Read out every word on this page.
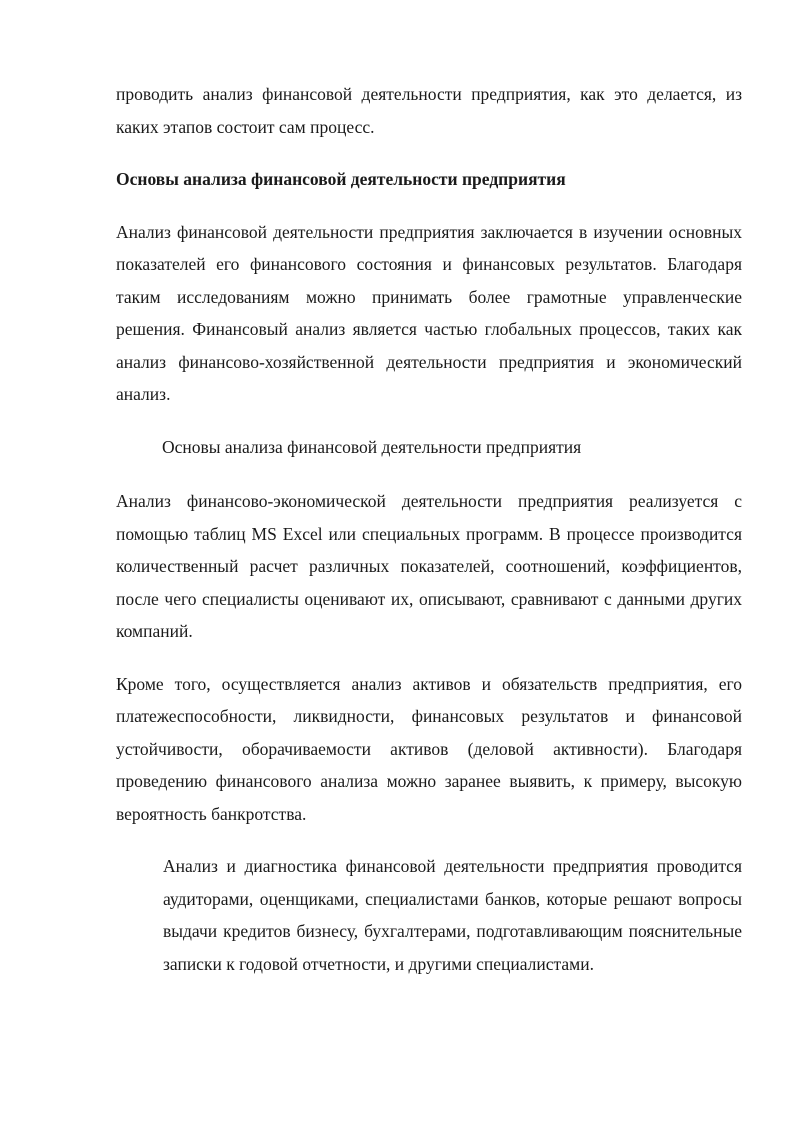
проводить анализ финансовой деятельности предприятия, как это делается, из каких этапов состоит сам процесс.

Основы анализа финансовой деятельности предприятия

Анализ финансовой деятельности предприятия заключается в изучении основных показателей его финансового состояния и финансовых результатов. Благодаря таким исследованиям можно принимать более грамотные управленческие решения. Финансовый анализ является частью глобальных процессов, таких как анализ финансово-хозяйственной деятельности предприятия и экономический анализ.

Основы анализа финансовой деятельности предприятия

Анализ финансово-экономической деятельности предприятия реализуется с помощью таблиц MS Excel или специальных программ. В процессе производится количественный расчет различных показателей, соотношений, коэффициентов, после чего специалисты оценивают их, описывают, сравнивают с данными других компаний.

Кроме того, осуществляется анализ активов и обязательств предприятия, его платежеспособности, ликвидности, финансовых результатов и финансовой устойчивости, оборачиваемости активов (деловой активности). Благодаря проведению финансового анализа можно заранее выявить, к примеру, высокую вероятность банкротства.

Анализ и диагностика финансовой деятельности предприятия проводится аудиторами, оценщиками, специалистами банков, которые решают вопросы выдачи кредитов бизнесу, бухгалтерами, подготавливающим пояснительные записки к годовой отчетности, и другими специалистами.
